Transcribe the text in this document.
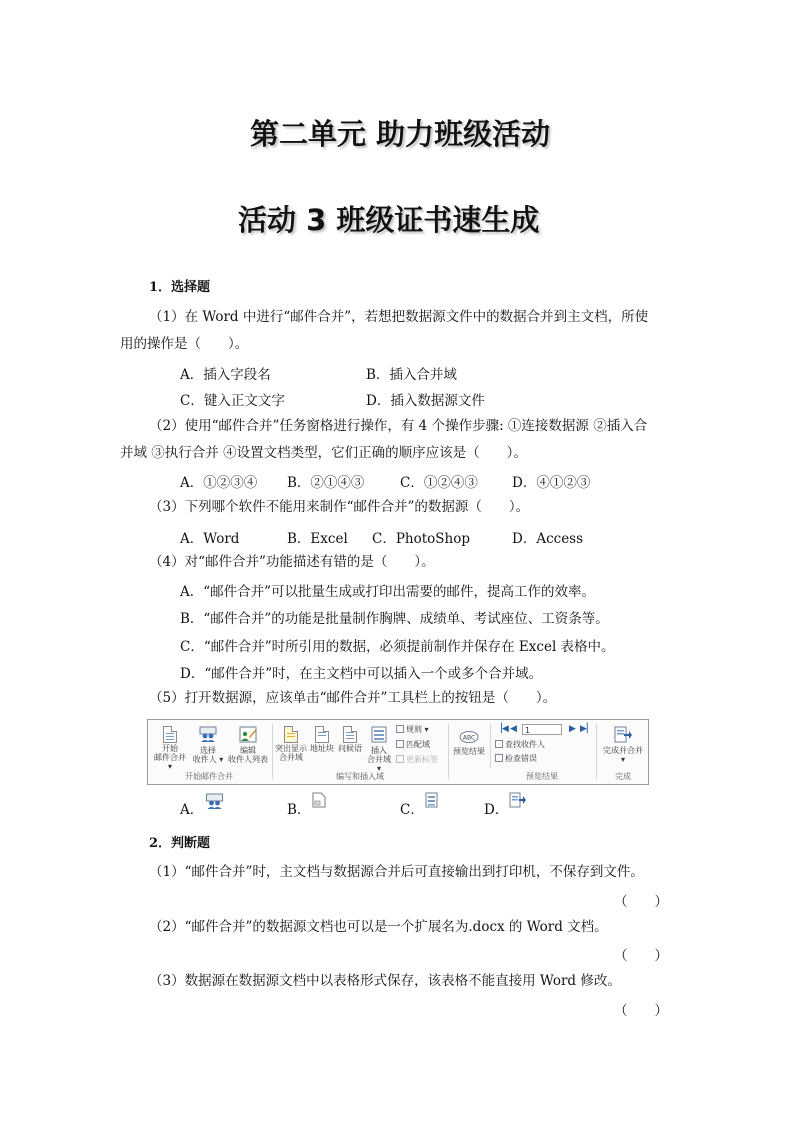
第二单元 助力班级活动
活动 3 班级证书速生成
1．选择题
（1）在 Word 中进行“邮件合并”，若想把数据源文件中的数据合并到主文档，所使
用的操作是（　　）。
A．插入字段名	B．插入合并域
C．键入正文文字	D．插入数据源文件
（2）使用“邮件合并”任务窗格进行操作，有 4 个操作步骤: ①连接数据源 ②插入合
并域 ③执行合并 ④设置文档类型，它们正确的顺序应该是（　　）。
A．①②③④ B．②①④③	C．①②④③	D．④①②③
（3）下列哪个软件不能用来制作“邮件合并”的数据源（　　）。
A．Word	B．Excel C．PhotoShop	D．Access
（4）对“邮件合并”功能描述有错的是（　　）。
A．“邮件合并”可以批量生成或打印出需要的邮件，提高工作的效率。
B．“邮件合并”的功能是批量制作胸牌、成绩单、考试座位、工资条等。
C．“邮件合并”时所引用的数据，必须提前制作并保存在 Excel 表格中。
D．“邮件合并”时，在主文档中可以插入一个或多个合并域。
（5）打开数据源，应该单击“邮件合并”工具栏上的按钮是（　　）。
开始
邮件合并 ▾
选择
收件人 ▾
编辑
收件人列表
开始邮件合并
突出显示
合并域
地址块 问候语	插入
合并域 ▾
规则 ▾
匹配域
更新标签
编写和插入域
ABC
预览结果
▕◀ ◀	1	▶ ▶▏
查找收件人
检查错误
预览结果
完成并合并
▾
完成
A．	B．	C．	D．
2．判断题
（1）“邮件合并”时，主文档与数据源合并后可直接输出到打印机，不保存到文件。
（　　）
（2）“邮件合并”的数据源文档也可以是一个扩展名为.docx 的 Word 文档。
（　　）
（3）数据源在数据源文档中以表格形式保存，该表格不能直接用 Word 修改。
（　　）
